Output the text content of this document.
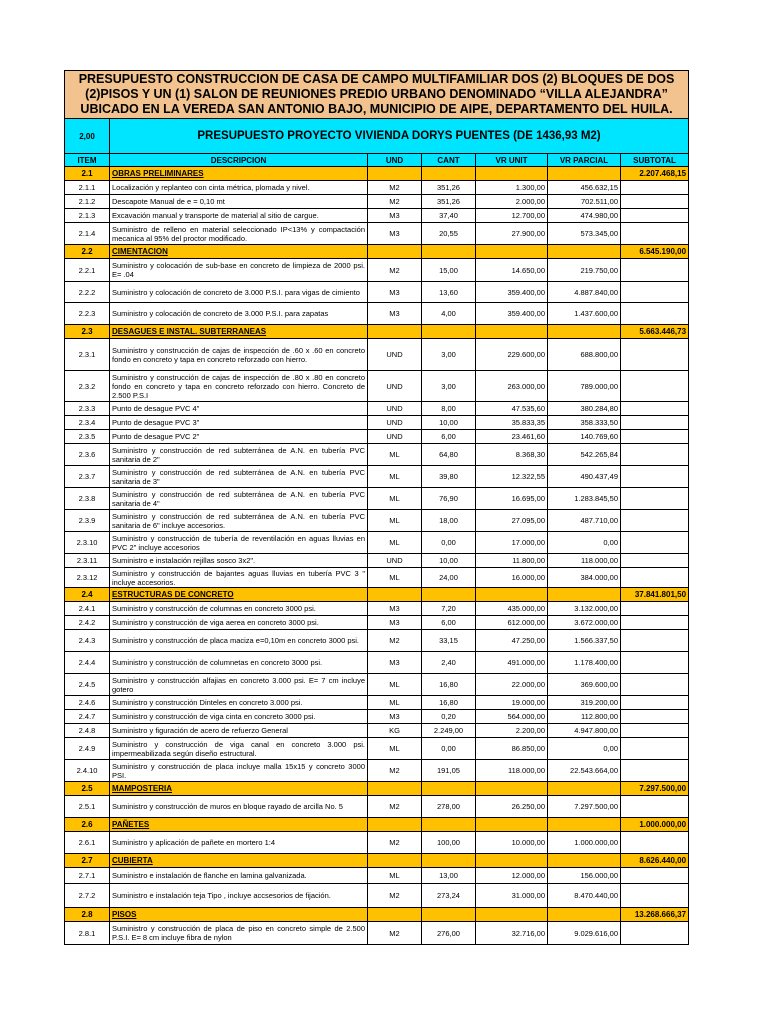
PRESUPUESTO CONSTRUCCION DE CASA DE CAMPO MULTIFAMILIAR DOS (2) BLOQUES DE DOS (2)PISOS Y UN (1) SALON DE REUNIONES PREDIO URBANO DENOMINADO “VILLA ALEJANDRA” UBICADO EN LA VEREDA SAN ANTONIO BAJO, MUNICIPIO DE AIPE, DEPARTAMENTO DEL HUILA.						
2,00	PRESUPUESTO PROYECTO VIVIENDA DORYS PUENTES (DE 1436,93 M2)					
ITEM	DESCRIPCION	UND	CANT	VR UNIT	VR PARCIAL	SUBTOTAL
2.1	OBRAS PRELIMINARES					2.207.468,15
2.1.1	Localización y replanteo con cinta métrica, plomada y nivel.	M2	351,26	1.300,00	456.632,15	
2.1.2	Descapote Manual de e = 0,10 mt	M2	351,26	2.000,00	702.511,00	
2.1.3	Excavación manual y transporte de material al sitio de cargue.	M3	37,40	12.700,00	474.980,00	
2.1.4	Suministro de relleno en material seleccionado IP<13% y compactación mecanica al 95% del proctor modificado.	M3	20,55	27.900,00	573.345,00	
2.2	CIMENTACION					6.545.190,00
2.2.1	Suministro y colocación de sub-base en concreto de limpieza de 2000 psi. E= .04	M2	15,00	14.650,00	219.750,00	
2.2.2	Suministro y colocación de concreto de 3.000 P.S.I. para vigas de cimiento	M3	13,60	359.400,00	4.887.840,00	
2.2.3	Suministro y colocación de concreto de 3.000 P.S.I. para zapatas	M3	4,00	359.400,00	1.437.600,00	
2.3	DESAGUES E INSTAL. SUBTERRANEAS					5.663.446,73
2.3.1	Suministro y construcción de cajas de inspección de .60 x .60 en concreto fondo en concreto y tapa en concreto reforzado con hierro.	UND	3,00	229.600,00	688.800,00	
2.3.2	Suministro y construcción de cajas de inspección de .80 x .80 en concreto fondo en concreto y tapa en concreto reforzado con hierro. Concreto de 2.500 P.S.I	UND	3,00	263.000,00	789.000,00	
2.3.3	Punto de desague PVC 4"	UND	8,00	47.535,60	380.284,80	
2.3.4	Punto de desague PVC 3"	UND	10,00	35.833,35	358.333,50	
2.3.5	Punto de desague PVC 2"	UND	6,00	23.461,60	140.769,60	
2.3.6	Suministro y construcción de red subterránea de A.N. en tubería PVC sanitaria de 2"	ML	64,80	8.368,30	542.265,84	
2.3.7	Suministro y construcción de red subterránea de A.N. en tubería PVC sanitaria de 3"	ML	39,80	12.322,55	490.437,49	
2.3.8	Suministro y construcción de red subterránea de A.N. en tubería PVC sanitaria de 4"	ML	76,90	16.695,00	1.283.845,50	
2.3.9	Suministro y construcción de red subterránea de A.N. en tubería PVC sanitaria de 6" incluye accesorios.	ML	18,00	27.095,00	487.710,00	
2.3.10	Suministro y construcción de tubería de reventilación en aguas lluvias en PVC 2" incluye accesorios	ML	0,00	17.000,00	0,00	
2.3.11	Suministro e instalación rejillas sosco 3x2".	UND	10,00	11.800,00	118.000,00	
2.3.12	Suministro y construcción de bajantes aguas lluvias en tubería PVC 3 " incluye accesorios.	ML	24,00	16.000,00	384.000,00	
2.4	ESTRUCTURAS DE CONCRETO					37.841.801,50
2.4.1	Suministro y construcción de columnas en concreto 3000 psi.	M3	7,20	435.000,00	3.132.000,00	
2.4.2	Suministro y construcción de viga aerea en concreto 3000 psi.	M3	6,00	612.000,00	3.672.000,00	
2.4.3	Suministro y construcción de placa maciza e=0,10m en concreto 3000 psi.	M2	33,15	47.250,00	1.566.337,50	
2.4.4	Suministro y construcción de columnetas en concreto 3000 psi.	M3	2,40	491.000,00	1.178.400,00	
2.4.5	Suministro y construcción alfajias en concreto 3.000 psi. E= 7 cm incluye gotero	ML	16,80	22.000,00	369.600,00	
2.4.6	Suministro y construcción Dinteles en concreto 3.000 psi.	ML	16,80	19.000,00	319.200,00	
2.4.7	Suministro y construcción de viga cinta en concreto 3000 psi.	M3	0,20	564.000,00	112.800,00	
2.4.8	Suministro y figuración de acero de refuerzo General	KG	2.249,00	2.200,00	4.947.800,00	
2.4.9	Suministro y construcción de viga canal en concreto 3.000 psi. impermeabilizada según diseño estructural.	ML	0,00	86.850,00	0,00	
2.4.10	Suministro y construcción de placa incluye malla 15x15 y concreto 3000 PSI.	M2	191,05	118.000,00	22.543.664,00	
2.5	MAMPOSTERIA					7.297.500,00
2.5.1	Suministro y construcción de muros en bloque rayado de arcilla No. 5	M2	278,00	26.250,00	7.297.500,00	
2.6	PAÑETES					1.000.000,00
2.6.1	Suministro y aplicación de pañete en mortero 1:4	M2	100,00	10.000,00	1.000.000,00	
2.7	CUBIERTA					8.626.440,00
2.7.1	Suministro e instalación de flanche en lamina galvanizada.	ML	13,00	12.000,00	156.000,00	
2.7.2	Suministro e instalación teja Tipo , incluye accsesorios de fijación.	M2	273,24	31.000,00	8.470.440,00	
2.8	PISOS					13.268.666,37
2.8.1	Suministro y construcción de placa de piso en concreto simple de 2.500 P.S.I. E= 8 cm incluye fibra de nylon	M2	276,00	32.716,00	9.029.616,00	
